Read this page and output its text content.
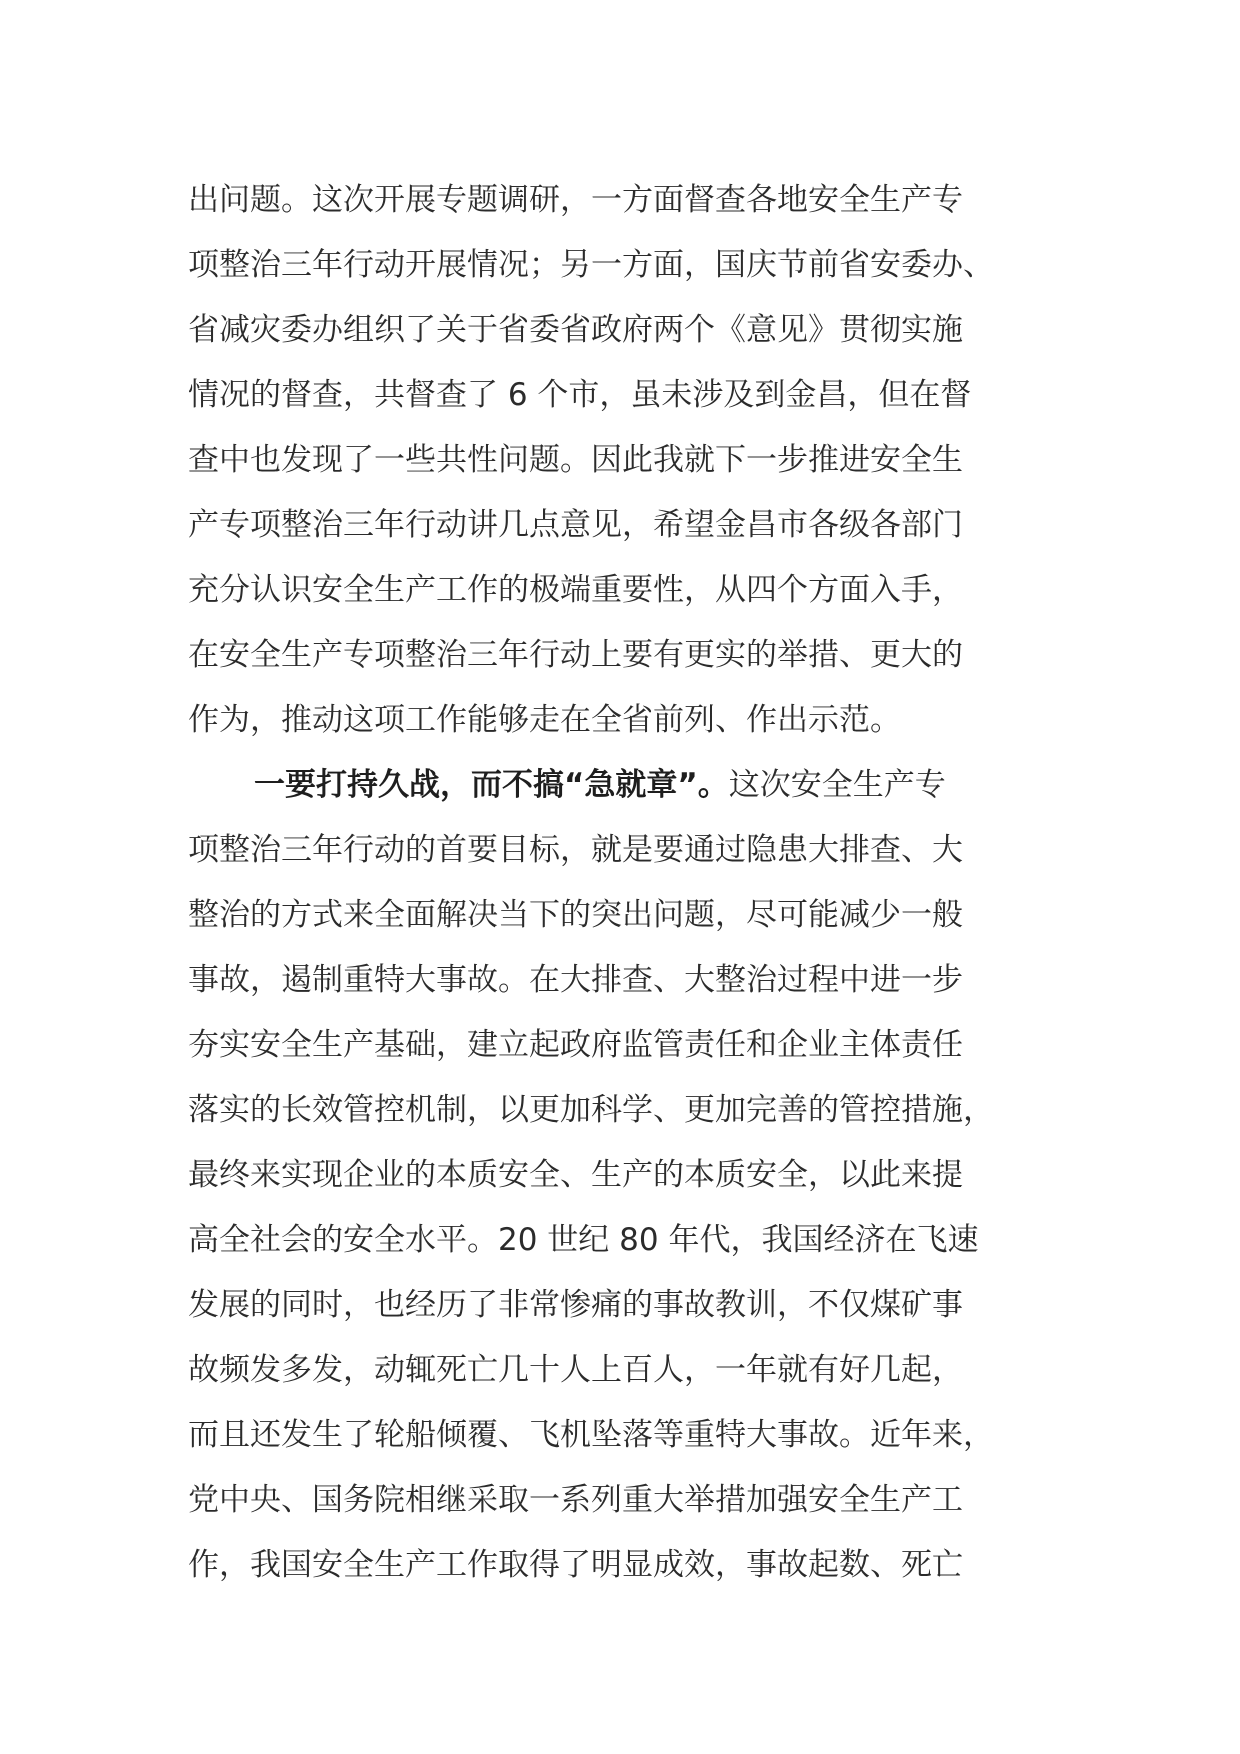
出问题。这次开展专题调研，一方面督查各地安全生产专
项整治三年行动开展情况；另一方面，国庆节前省安委办、
省减灾委办组织了关于省委省政府两个《意见》贯彻实施
情况的督查，共督查了 6 个市，虽未涉及到金昌，但在督
查中也发现了一些共性问题。因此我就下一步推进安全生
产专项整治三年行动讲几点意见，希望金昌市各级各部门
充分认识安全生产工作的极端重要性，从四个方面入手，
在安全生产专项整治三年行动上要有更实的举措、更大的
作为，推动这项工作能够走在全省前列、作出示范。
一要打持久战，而不搞“急就章”。这次安全生产专
项整治三年行动的首要目标，就是要通过隐患大排查、大
整治的方式来全面解决当下的突出问题，尽可能减少一般
事故，遏制重特大事故。在大排查、大整治过程中进一步
夯实安全生产基础，建立起政府监管责任和企业主体责任
落实的长效管控机制，以更加科学、更加完善的管控措施，
最终来实现企业的本质安全、生产的本质安全，以此来提
高全社会的安全水平。20 世纪 80 年代，我国经济在飞速
发展的同时，也经历了非常惨痛的事故教训，不仅煤矿事
故频发多发，动辄死亡几十人上百人，一年就有好几起，
而且还发生了轮船倾覆、飞机坠落等重特大事故。近年来，
党中央、国务院相继采取一系列重大举措加强安全生产工
作，我国安全生产工作取得了明显成效，事故起数、死亡
